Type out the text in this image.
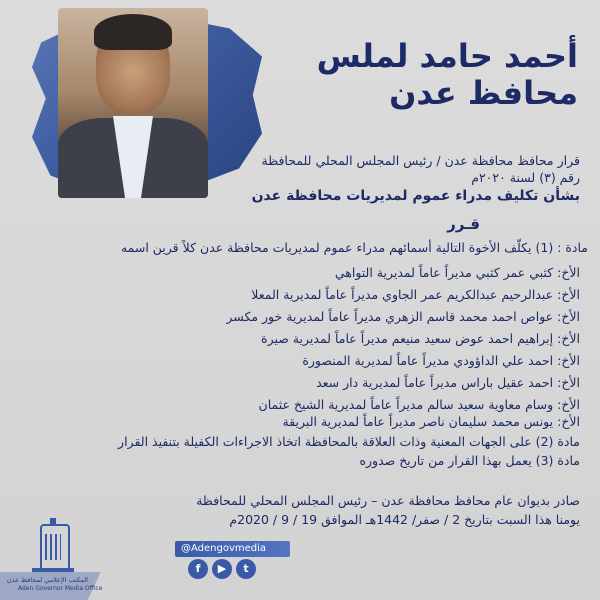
أحمد حامد لملس
محافظ عدن
قرار محافظ محافظة عدن / رئيس المجلس المحلي للمحافظة
رقم (٣) لسنة ٢٠٢٠م
بشأن تكليف مدراء عموم لمديريات محافظة عدن
قـرر
مادة : (1) يكلّف الأخوة التالية أسمائهم مدراء عموم لمديريات محافظة عدن كلاً قرين اسمه
الأخ: كثبي عمر كثبي مديراً عاماً لمديرية التواهي
الأخ: عبدالرحيم عبدالكريم عمر الجاوي مديراً عاماً لمديرية المعلا
الأخ: عواص احمد محمد قاسم الزهري مديراً عاماً لمديرية خور مكسر
الأخ: إبراهيم احمد عوض سعيد منيعم مديراً عاماً لمديرية صيرة
الأخ: احمد علي الداؤودي مديراً عاماً لمديرية المنصورة
الأخ: احمد عقيل باراس مديراً عاماً لمديرية دار سعد
الأخ: وسام معاوية سعيد سالم مديراً عاماً لمديرية الشيخ عثمان
الأخ: يونس محمد سليمان ناصر مديراً عاماً لمديرية البريقة
مادة (2) على الجهات المعنية وذات العلاقة بالمحافظة اتخاذ الاجراءات الكفيلة بتنفيذ القرار
مادة (3) يعمل بهذا القرار من تاريخ صدوره
صادر بديوان عام محافظ محافظة عدن – رئيس المجلس المحلي للمحافظة
يومنا هذا السبت بتاريخ 2 / صفر/ 1442هـ الموافق 19 / 9 / 2020م
المكتب الإعلامي لمحافظ عدن
Aden Governor Media Office
@Adengovmedia
f	▶	t
